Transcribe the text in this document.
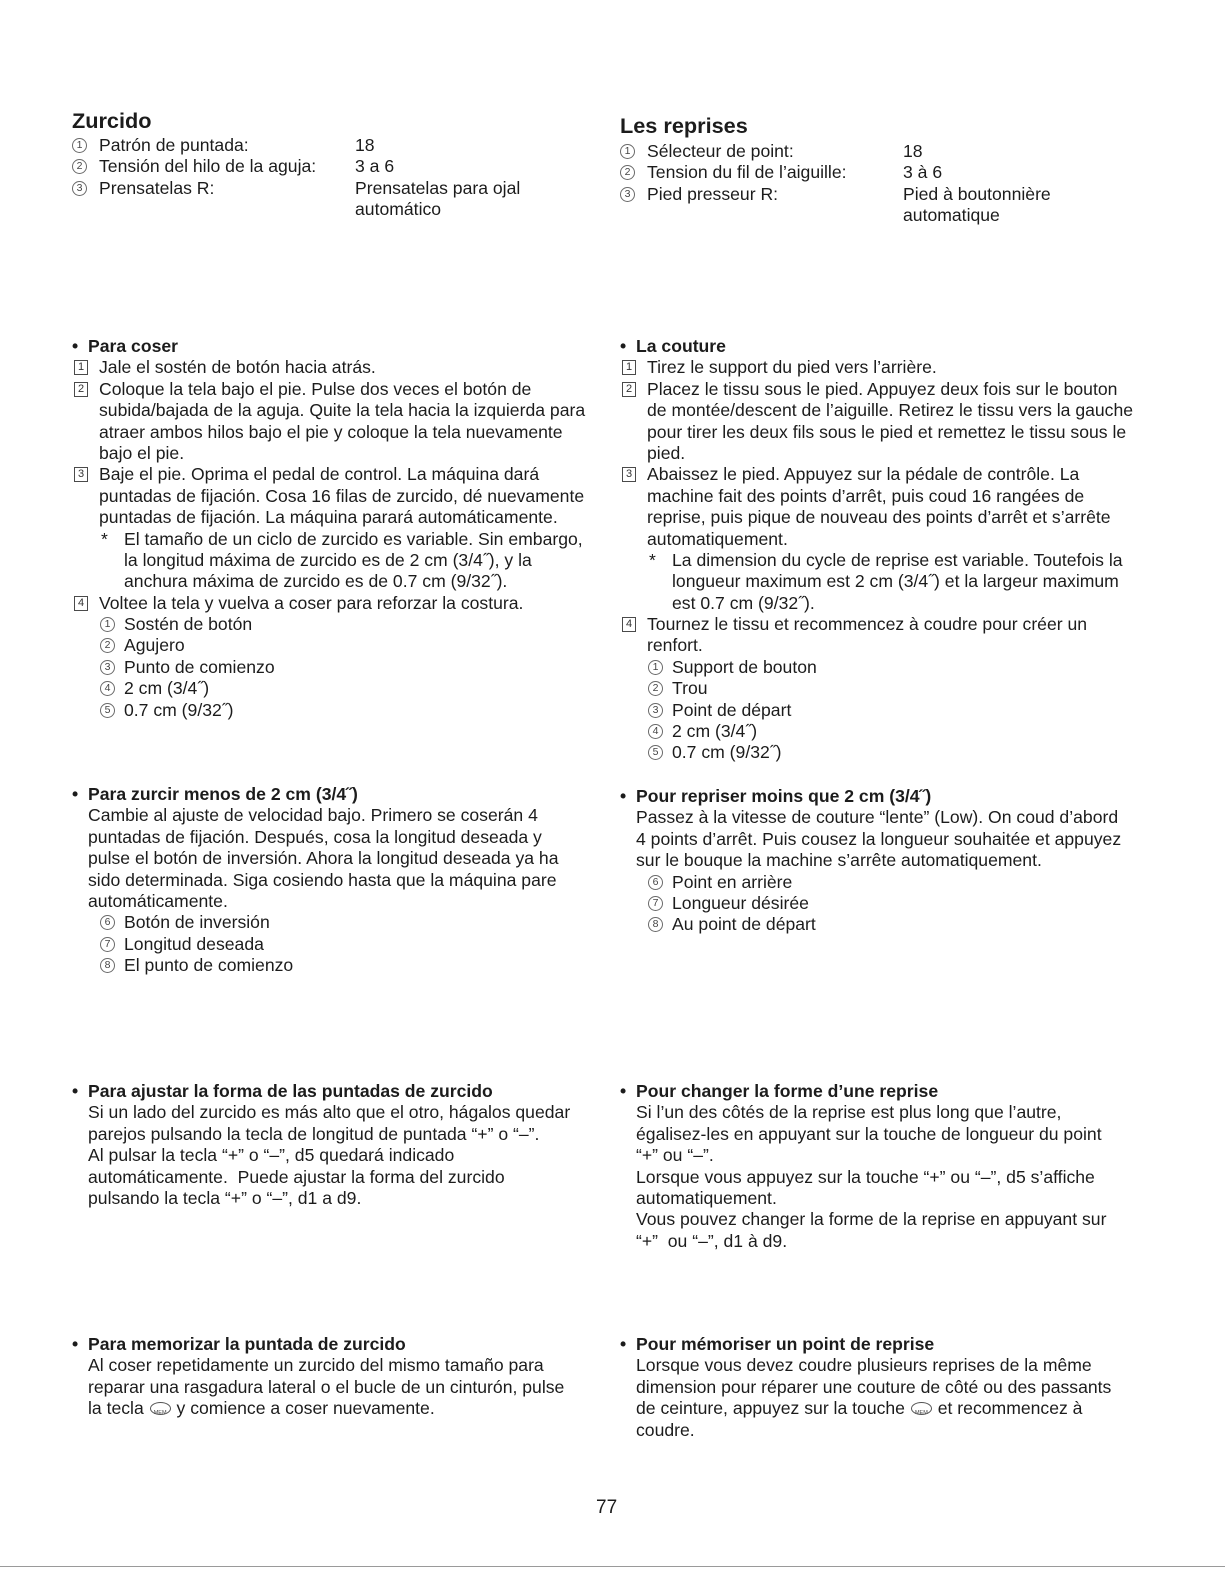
Zurcido
1 Patrón de puntada:	18
2 Tensión del hilo de la aguja: 3 a 6
3 Prensatelas R:	Prensatelas para ojal
automático
• Para coser
1 Jale el sostén de botón hacia atrás.
2 Coloque la tela bajo el pie. Pulse dos veces el botón de
subida/bajada de la aguja. Quite la tela hacia la izquierda para
atraer ambos hilos bajo el pie y coloque la tela nuevamente
bajo el pie.
3 Baje el pie. Oprima el pedal de control. La máquina dará
puntadas de fijación. Cosa 16 filas de zurcido, dé nuevamente
puntadas de fijación. La máquina parará automáticamente.
* El tamaño de un ciclo de zurcido es variable. Sin embargo,
la longitud máxima de zurcido es de 2 cm (3/4˝), y la
anchura máxima de zurcido es de 0.7 cm (9/32˝).
4 Voltee la tela y vuelva a coser para reforzar la costura.
1 Sostén de botón
2 Agujero
3 Punto de comienzo
4 2 cm (3/4˝)
5 0.7 cm (9/32˝)
• Para zurcir menos de 2 cm (3/4˝)
Cambie al ajuste de velocidad bajo. Primero se coserán 4
puntadas de fijación. Después, cosa la longitud deseada y
pulse el botón de inversión. Ahora la longitud deseada ya ha
sido determinada. Siga cosiendo hasta que la máquina pare
automáticamente.
6 Botón de inversión
7 Longitud deseada
8 El punto de comienzo
• Para ajustar la forma de las puntadas de zurcido
Si un lado del zurcido es más alto que el otro, hágalos quedar
parejos pulsando la tecla de longitud de puntada “+” o “–”.
Al pulsar la tecla “+” o “–”, d5 quedará indicado
automáticamente.  Puede ajustar la forma del zurcido
pulsando la tecla “+” o “–”, d1 a d9.
• Para memorizar la puntada de zurcido
Al coser repetidamente un zurcido del mismo tamaño para
reparar una rasgadura lateral o el bucle de un cinturón, pulse
la tecla MEM y comience a coser nuevamente.
Les reprises
1 Sélecteur de point:	18
2 Tension du fil de l’aiguille:	3 à 6
3 Pied presseur R:	Pied à boutonnière
automatique
• La couture
1 Tirez le support du pied vers l’arrière.
2 Placez le tissu sous le pied. Appuyez deux fois sur le bouton
de montée/descent de l’aiguille. Retirez le tissu vers la gauche
pour tirer les deux fils sous le pied et remettez le tissu sous le
pied.
3 Abaissez le pied. Appuyez sur la pédale de contrôle. La
machine fait des points d’arrêt, puis coud 16 rangées de
reprise, puis pique de nouveau des points d’arrêt et s’arrête
automatiquement.
* La dimension du cycle de reprise est variable. Toutefois la
longueur maximum est 2 cm (3/4˝) et la largeur maximum
est 0.7 cm (9/32˝).
4 Tournez le tissu et recommencez à coudre pour créer un
renfort.
1 Support de bouton
2 Trou
3 Point de départ
4 2 cm (3/4˝)
5 0.7 cm (9/32˝)
• Pour repriser moins que 2 cm (3/4˝)
Passez à la vitesse de couture “lente” (Low). On coud d’abord
4 points d’arrêt. Puis cousez la longueur souhaitée et appuyez
sur le bouque la machine s’arrête automatiquement.
6 Point en arrière
7 Longueur désirée
8 Au point de départ
• Pour changer la forme d’une reprise
Si l’un des côtés de la reprise est plus long que l’autre,
égalisez-les en appuyant sur la touche de longueur du point
“+” ou “–”.
Lorsque vous appuyez sur la touche “+” ou “–”, d5 s’affiche
automatiquement.
Vous pouvez changer la forme de la reprise en appuyant sur
“+”  ou “–”, d1 à d9.
• Pour mémoriser un point de reprise
Lorsque vous devez coudre plusieurs reprises de la même
dimension pour réparer une couture de côté ou des passants
de ceinture, appuyez sur la touche MEM et recommencez à
coudre.
77
